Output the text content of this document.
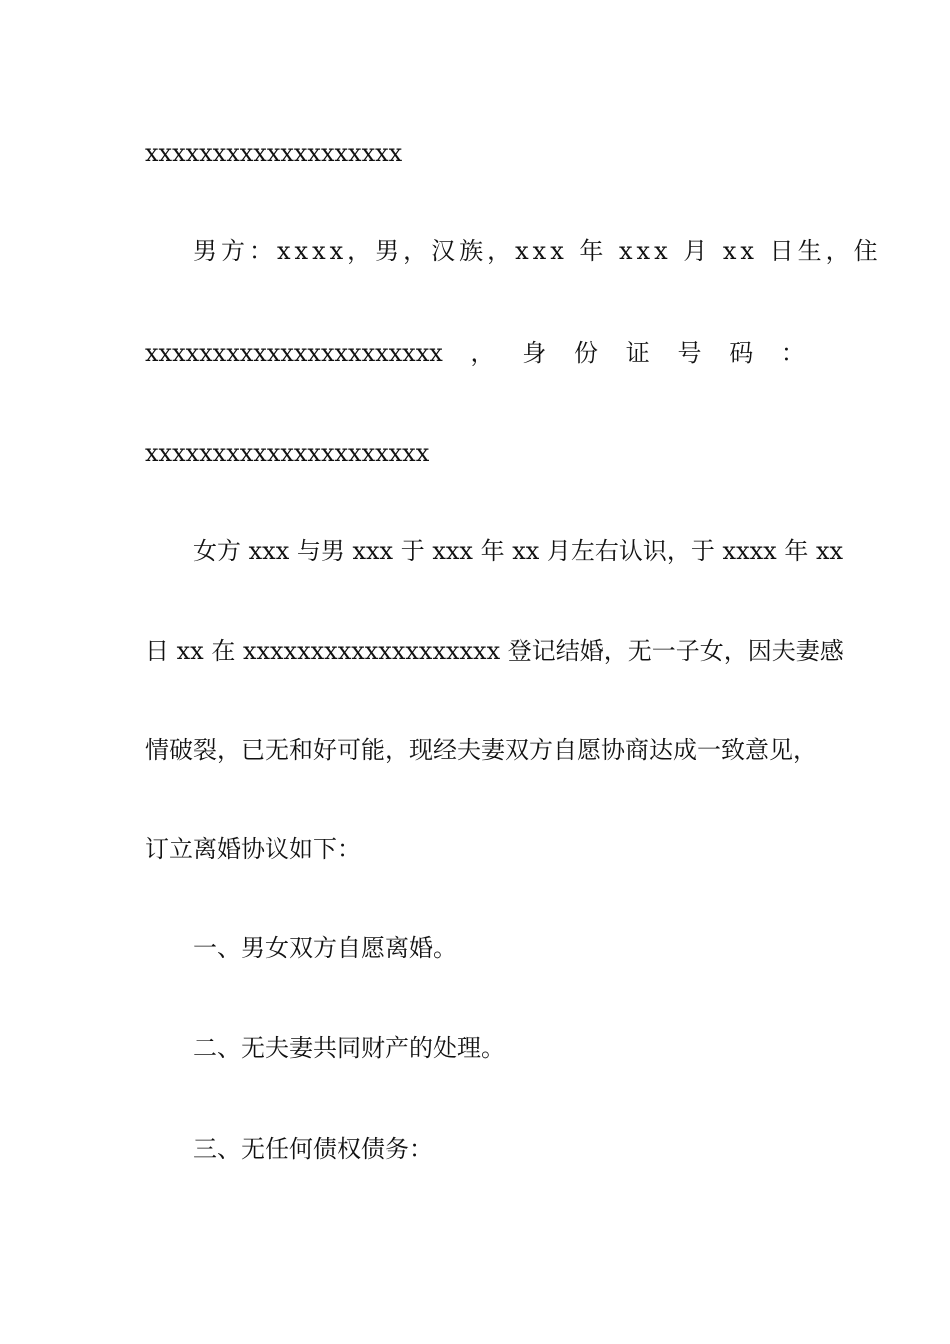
xxxxxxxxxxxxxxxxxxx
男方：xxxx，男，汉族，xxx 年 xxx 月 xx 日生，住
xxxxxxxxxxxxxxxxxxxxxx ， 身 份 证 号 码 ：
xxxxxxxxxxxxxxxxxxxxx
女方 xxx 与男 xxx 于 xxx 年 xx 月左右认识，于 xxxx 年 xx
日 xx 在 xxxxxxxxxxxxxxxxxxx 登记结婚，无一子女，因夫妻感
情破裂，已无和好可能，现经夫妻双方自愿协商达成一致意见，
订立离婚协议如下：
一、男女双方自愿离婚。
二、无夫妻共同财产的处理。
三、无任何债权债务：
